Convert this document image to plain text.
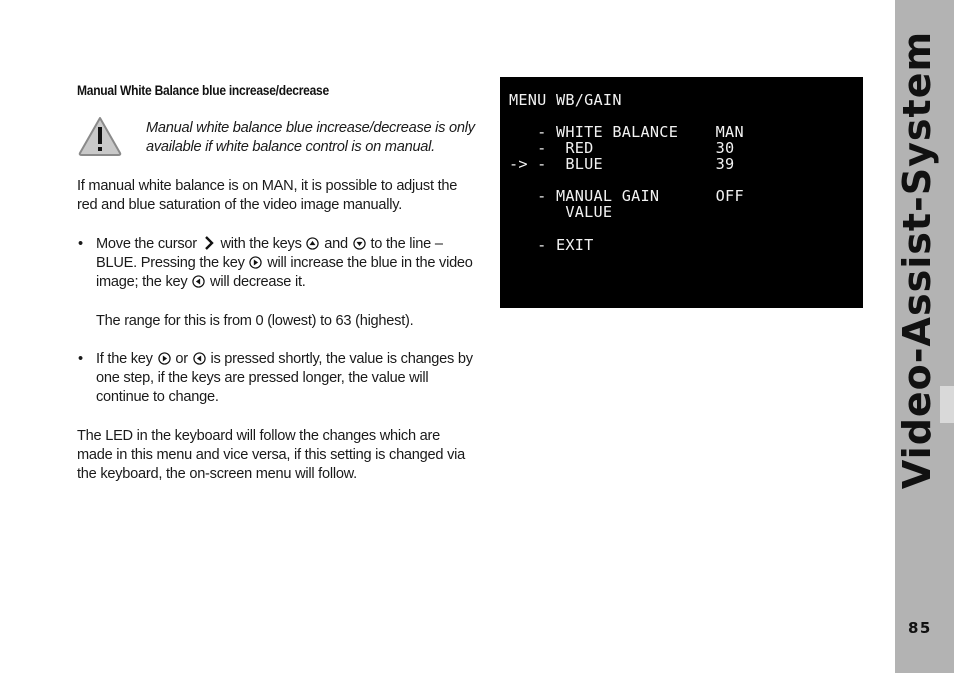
Manual White Balance blue increase/decrease
Manual white balance blue increase/decrease is only available if white balance control is on manual.

If manual white balance is on MAN, it is possible to adjust the red and blue saturation of the video image manually.

• Move the cursor with the keys and to the line – BLUE. Pressing the key will increase the blue in the video image; the key will decrease it.
The range for this is from 0 (lowest) to 63 (highest).
• If the key or is pressed shortly, the value is changes by one step, if the keys are pressed longer, the value will continue to change.

The LED in the keyboard will follow the changes which are made in this menu and vice versa, if this setting is changed via the keyboard, the on-screen menu will follow.

MENU WB/GAIN
- WHITE BALANCE    MAN
-  RED             30
-> -  BLUE            39
- MANUAL GAIN      OFF
VALUE
- EXIT	Video-Assist-System
85
